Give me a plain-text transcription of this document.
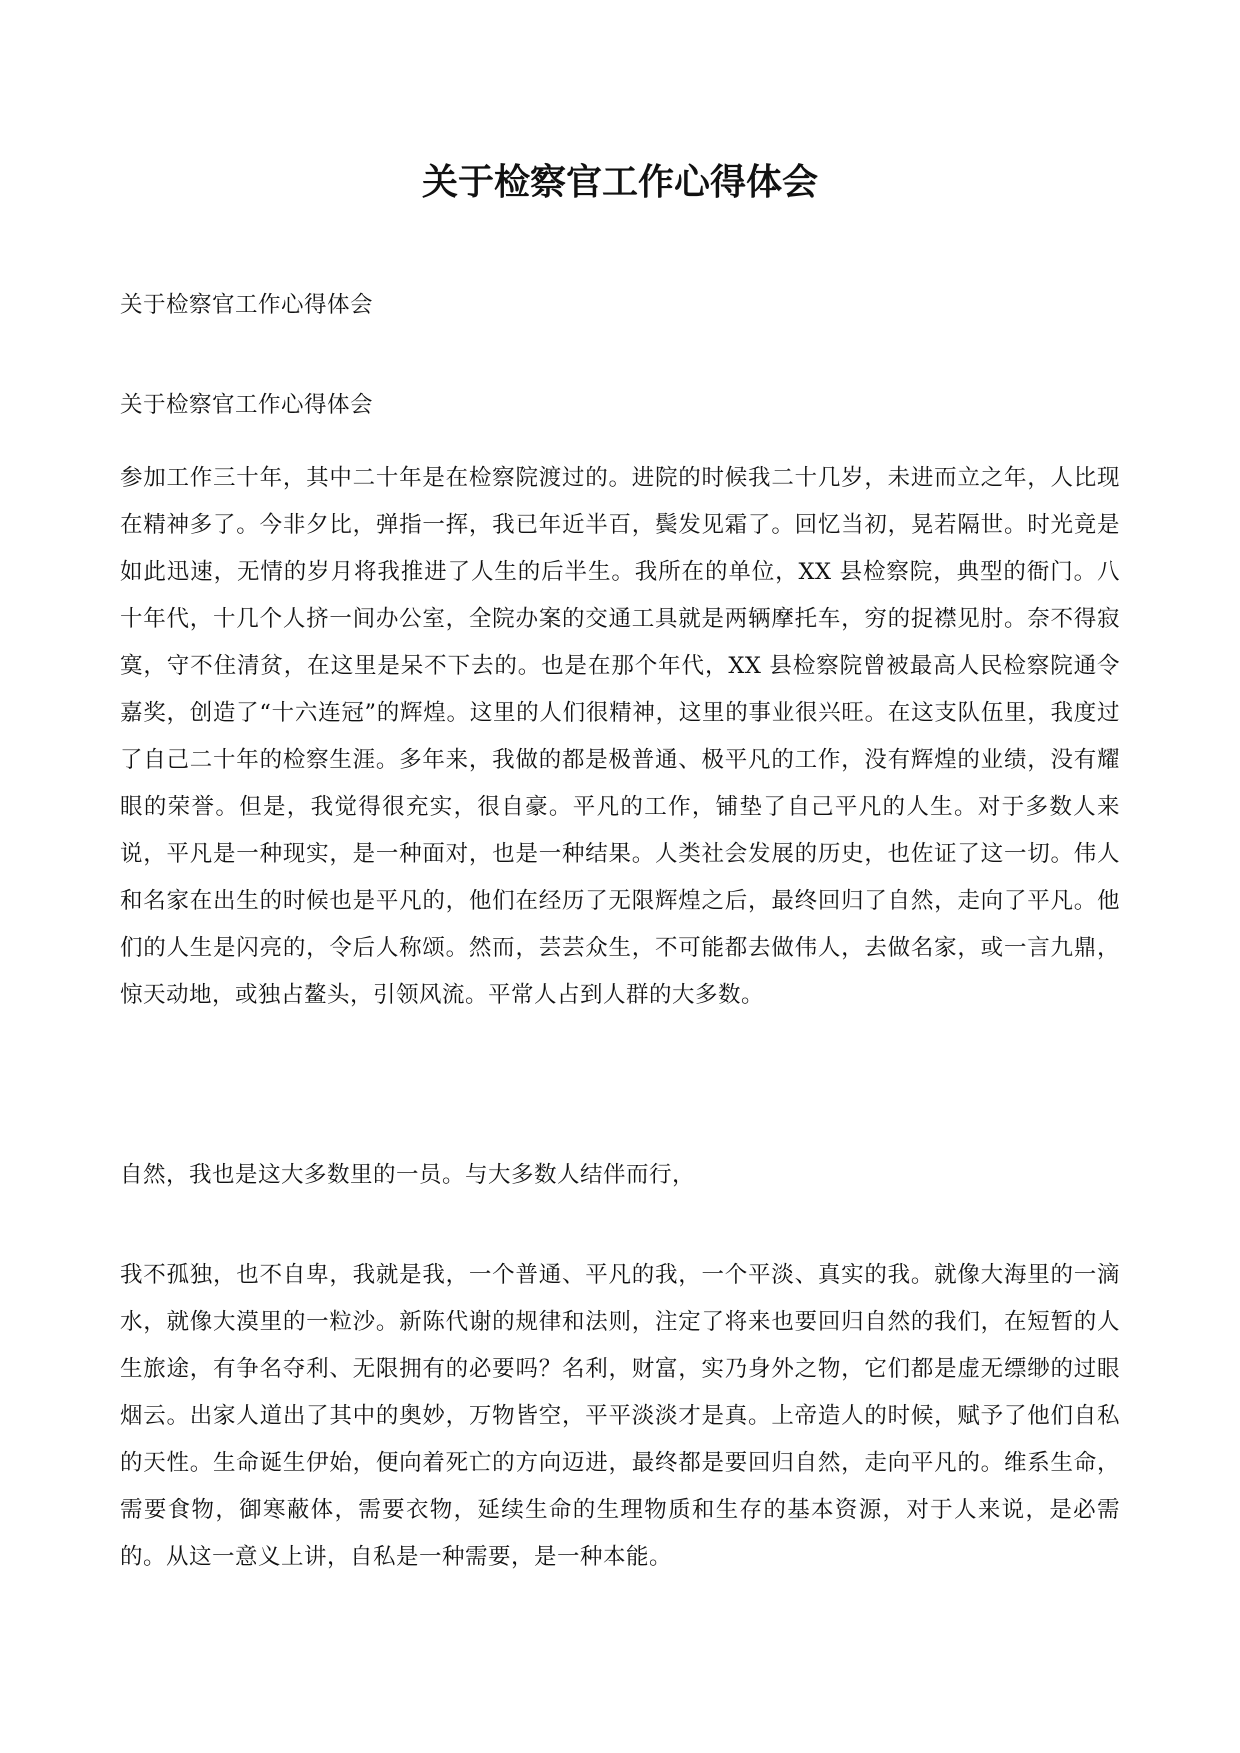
关于检察官工作心得体会

关于检察官工作心得体会

关于检察官工作心得体会

参加工作三十年，其中二十年是在检察院渡过的。进院的时候我二十几岁，未进而立之年，人比现在精神多了。今非夕比，弹指一挥，我已年近半百，鬓发见霜了。回忆当初，晃若隔世。时光竟是如此迅速，无情的岁月将我推进了人生的后半生。我所在的单位，XX 县检察院，典型的衙门。八十年代，十几个人挤一间办公室，全院办案的交通工具就是两辆摩托车，穷的捉襟见肘。奈不得寂寞，守不住清贫，在这里是呆不下去的。也是在那个年代，XX 县检察院曾被最高人民检察院通令嘉奖，创造了“十六连冠”的辉煌。这里的人们很精神，这里的事业很兴旺。在这支队伍里，我度过了自己二十年的检察生涯。多年来，我做的都是极普通、极平凡的工作，没有辉煌的业绩，没有耀眼的荣誉。但是，我觉得很充实，很自豪。平凡的工作，铺垫了自己平凡的人生。对于多数人来说，平凡是一种现实，是一种面对，也是一种结果。人类社会发展的历史，也佐证了这一切。伟人和名家在出生的时候也是平凡的，他们在经历了无限辉煌之后，最终回归了自然，走向了平凡。他们的人生是闪亮的，令后人称颂。然而，芸芸众生，不可能都去做伟人，去做名家，或一言九鼎，惊天动地，或独占鳌头，引领风流。平常人占到人群的大多数。

自然，我也是这大多数里的一员。与大多数人结伴而行，

我不孤独，也不自卑，我就是我，一个普通、平凡的我，一个平淡、真实的我。就像大海里的一滴水，就像大漠里的一粒沙。新陈代谢的规律和法则，注定了将来也要回归自然的我们，在短暂的人生旅途，有争名夺利、无限拥有的必要吗？名利，财富，实乃身外之物，它们都是虚无缥缈的过眼烟云。出家人道出了其中的奥妙，万物皆空，平平淡淡才是真。上帝造人的时候，赋予了他们自私的天性。生命诞生伊始，便向着死亡的方向迈进，最终都是要回归自然，走向平凡的。维系生命，需要食物，御寒蔽体，需要衣物，延续生命的生理物质和生存的基本资源，对于人来说，是必需的。从这一意义上讲，自私是一种需要，是一种本能。
